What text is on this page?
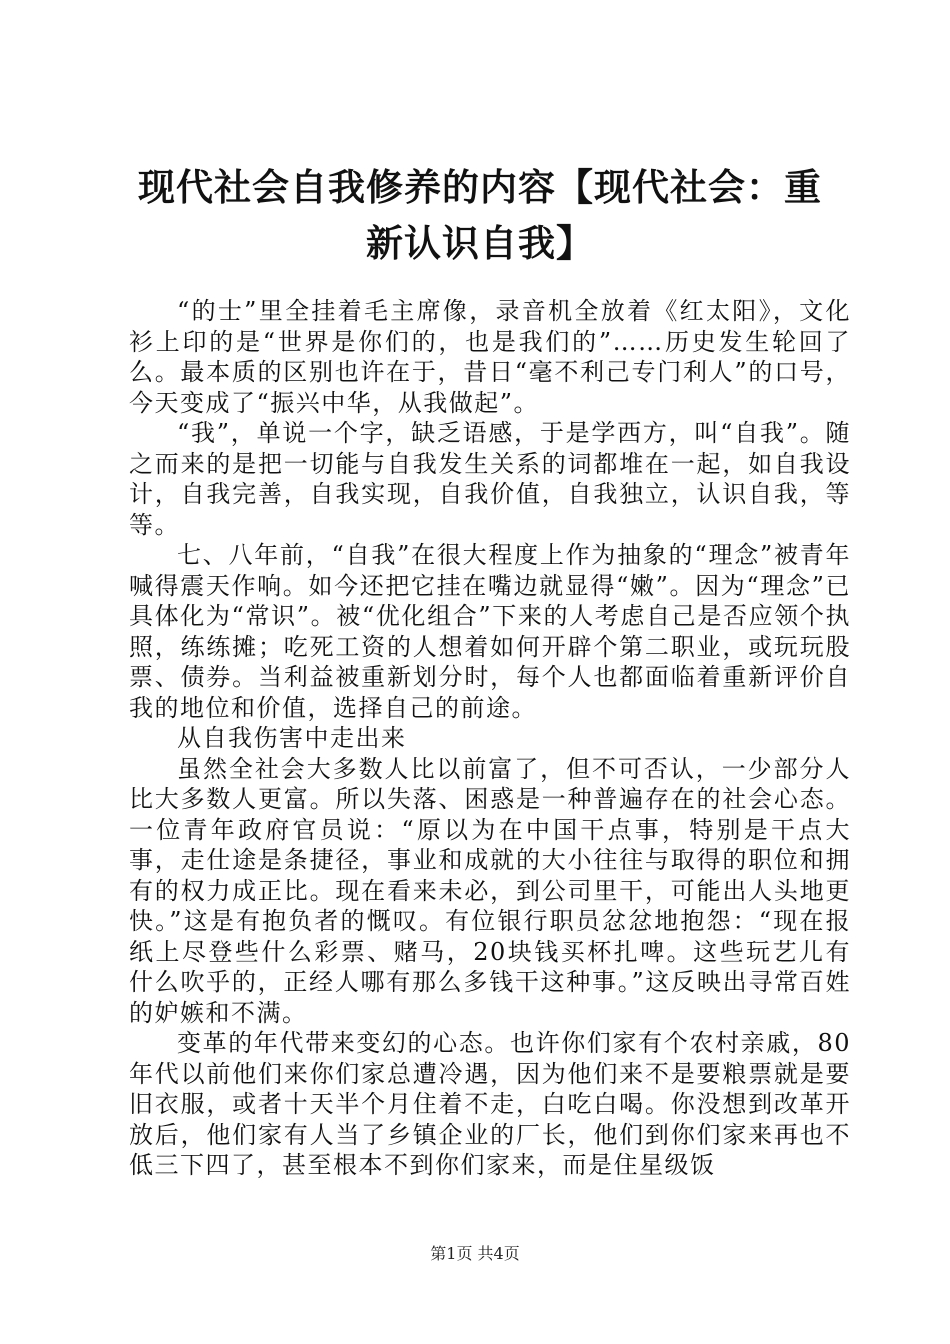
现代社会自我修养的内容【现代社会：重新认识自我】

“的士”里全挂着毛主席像，录音机全放着《红太阳》，文化衫上印的是“世界是你们的，也是我们的”……历史发生轮回了么。最本质的区别也许在于，昔日“毫不利己专门利人”的口号，今天变成了“振兴中华，从我做起”。

“我”，单说一个字，缺乏语感，于是学西方，叫“自我”。随之而来的是把一切能与自我发生关系的词都堆在一起，如自我设计，自我完善，自我实现，自我价值，自我独立，认识自我，等等。

七、八年前，“自我”在很大程度上作为抽象的“理念”被青年喊得震天作响。如今还把它挂在嘴边就显得“嫩”。因为“理念”已具体化为“常识”。被“优化组合”下来的人考虑自己是否应领个执照，练练摊；吃死工资的人想着如何开辟个第二职业，或玩玩股票、债券。当利益被重新划分时，每个人也都面临着重新评价自我的地位和价值，选择自己的前途。

从自我伤害中走出来

虽然全社会大多数人比以前富了，但不可否认，一少部分人比大多数人更富。所以失落、困惑是一种普遍存在的社会心态。一位青年政府官员说：“原以为在中国干点事，特别是干点大事，走仕途是条捷径，事业和成就的大小往往与取得的职位和拥有的权力成正比。现在看来未必，到公司里干，可能出人头地更快。”这是有抱负者的慨叹。有位银行职员忿忿地抱怨：“现在报纸上尽登些什么彩票、赌马，20块钱买杯扎啤。这些玩艺儿有什么吹乎的，正经人哪有那么多钱干这种事。”这反映出寻常百姓的妒嫉和不满。

变革的年代带来变幻的心态。也许你们家有个农村亲戚，80年代以前他们来你们家总遭冷遇，因为他们来不是要粮票就是要旧衣服，或者十天半个月住着不走，白吃白喝。你没想到改革开放后，他们家有人当了乡镇企业的厂长，他们到你们家来再也不低三下四了，甚至根本不到你们家来，而是住星级饭

第1页 共4页
